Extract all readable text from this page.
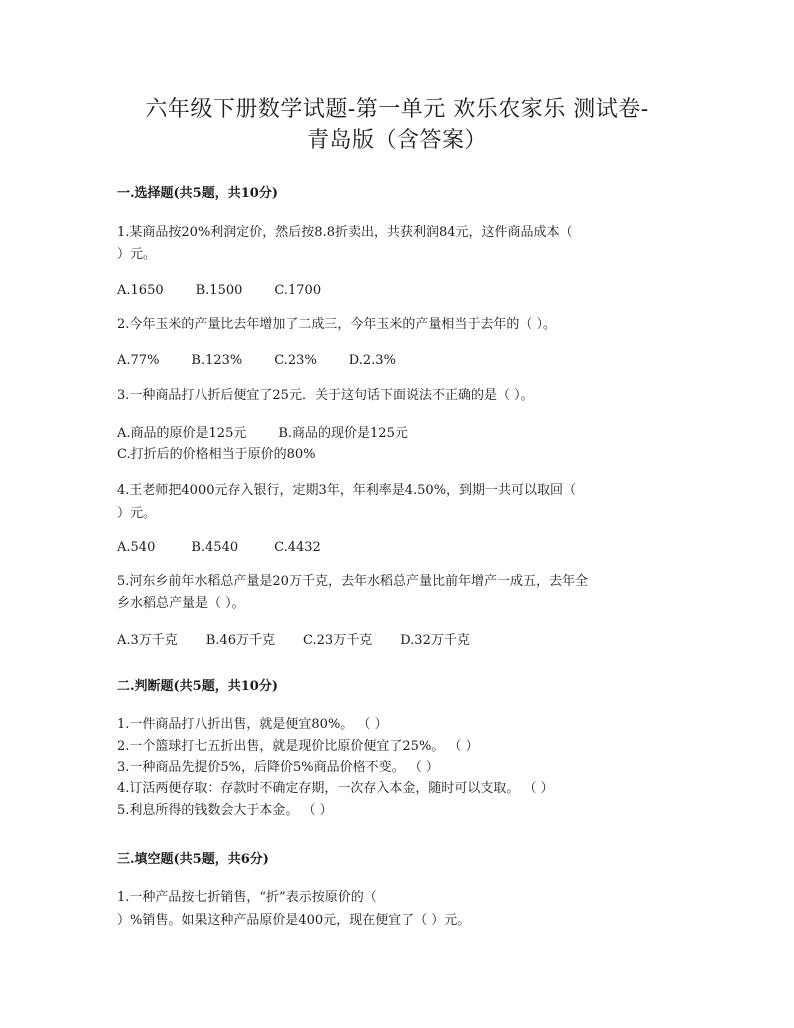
六年级下册数学试题-第一单元 欢乐农家乐 测试卷-
青岛版（含答案）
一.选择题(共5题，共10分)
1.某商品按20%利润定价，然后按8.8折卖出，共获利润84元，这件商品成本（
）元。
A.1650 B.1500 C.1700
2.今年玉米的产量比去年增加了二成三，今年玉米的产量相当于去年的（ ）。
A.77% B.123% C.23% D.2.3%
3.一种商品打八折后便宜了25元．关于这句话下面说法不正确的是（ ）。
A.商品的原价是125元 B.商品的现价是125元
C.打折后的价格相当于原价的80%
4.王老师把4000元存入银行，定期3年，年利率是4.50%，到期一共可以取回（
）元。
A.540	B.4540	C.4432
5.河东乡前年水稻总产量是20万千克，去年水稻总产量比前年增产一成五，去年全
乡水稻总产量是（ ）。
A.3万千克 B.46万千克 C.23万千克 D.32万千克
二.判断题(共5题，共10分)
1.一件商品打八折出售，就是便宜80%。 （ ）
2.一个篮球打七五折出售，就是现价比原价便宜了25%。 （ ）
3.一种商品先提价5%，后降价5%商品价格不变。 （ ）
4.订活两便存取：存款时不确定存期，一次存入本金，随时可以支取。 （ ）
5.利息所得的钱数会大于本金。 （ ）
三.填空题(共5题，共6分)
1.一种产品按七折销售，“折”表示按原价的（
）%销售。如果这种产品原价是400元，现在便宜了（ ）元。
